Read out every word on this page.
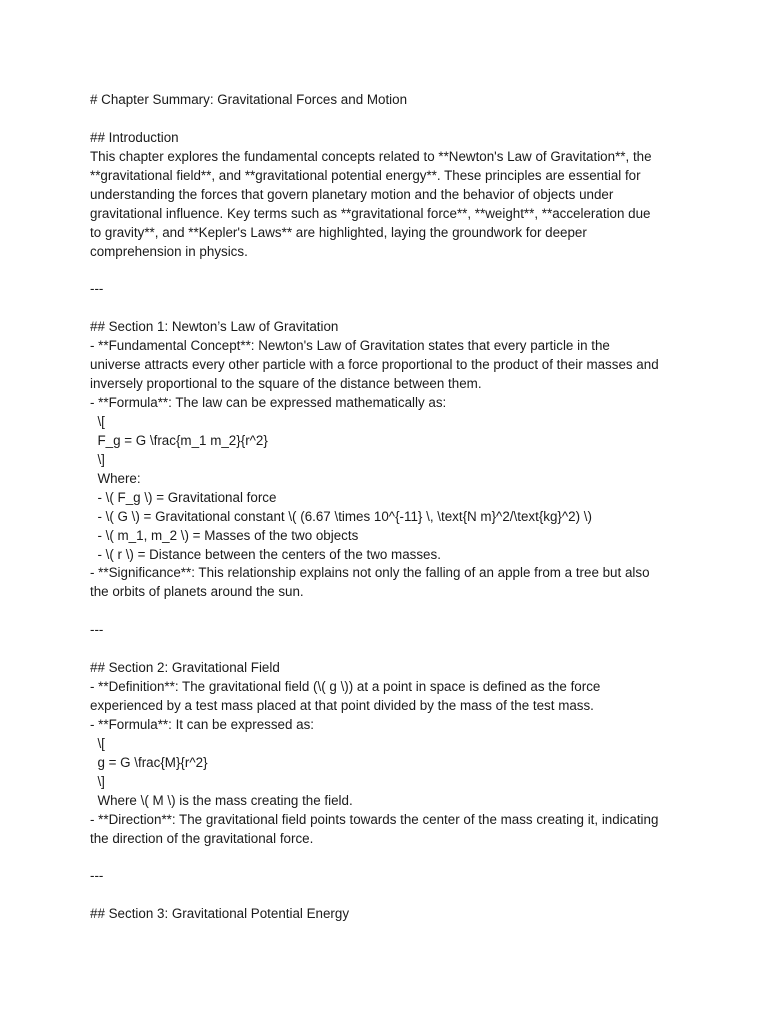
# Chapter Summary: Gravitational Forces and Motion
## Introduction
This chapter explores the fundamental concepts related to **Newton's Law of Gravitation**, the
**gravitational field**, and **gravitational potential energy**. These principles are essential for
understanding the forces that govern planetary motion and the behavior of objects under
gravitational influence. Key terms such as **gravitational force**, **weight**, **acceleration due
to gravity**, and **Kepler's Laws** are highlighted, laying the groundwork for deeper
comprehension in physics.
---
## Section 1: Newton’s Law of Gravitation
- **Fundamental Concept**: Newton's Law of Gravitation states that every particle in the
universe attracts every other particle with a force proportional to the product of their masses and
inversely proportional to the square of the distance between them.
- **Formula**: The law can be expressed mathematically as:
\[
F_g = G \frac{m_1 m_2}{r^2}
\]
Where:
- \( F_g \) = Gravitational force
- \( G \) = Gravitational constant \( (6.67 \times 10^{-11} \, \text{N m}^2/\text{kg}^2) \)
- \( m_1, m_2 \) = Masses of the two objects
- \( r \) = Distance between the centers of the two masses.
- **Significance**: This relationship explains not only the falling of an apple from a tree but also
the orbits of planets around the sun.
---
## Section 2: Gravitational Field
- **Definition**: The gravitational field (\( g \)) at a point in space is defined as the force
experienced by a test mass placed at that point divided by the mass of the test mass.
- **Formula**: It can be expressed as:
\[
g = G \frac{M}{r^2}
\]
Where \( M \) is the mass creating the field.
- **Direction**: The gravitational field points towards the center of the mass creating it, indicating
the direction of the gravitational force.
---
## Section 3: Gravitational Potential Energy
